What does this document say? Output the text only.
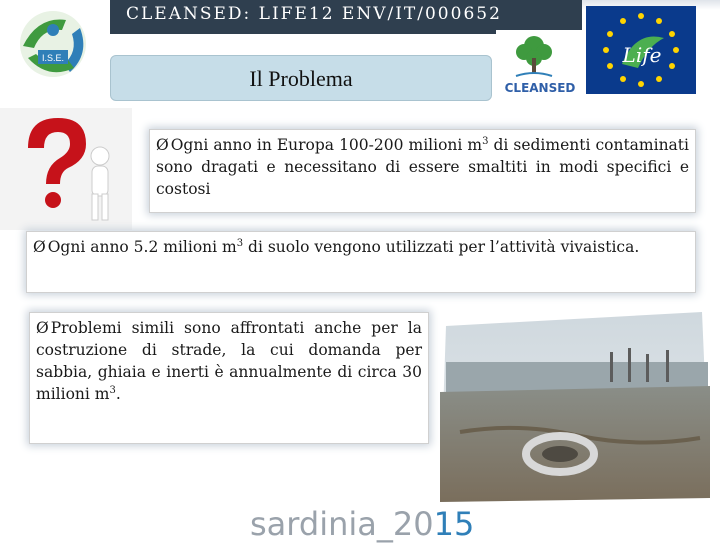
CLEANSED: LIFE12 ENV/IT/000652
I.S.E.
Il Problema	CLEANSED
Life
Ø Ogni anno in Europa 100-200 milioni $m^3$ di sedimenti contaminati sono dragati e necessitano di essere smaltiti in modi specifici e costosi
Ø Ogni anno 5.2 milioni $m^3$ di suolo vengono utilizzati per l’attività vivaistica.
Ø Problemi simili sono affrontati anche per la costruzione di strade, la cui domanda per sabbia, ghiaia e inerti è annualmente di circa 30 milioni $m^3$.
sardinia_2015
